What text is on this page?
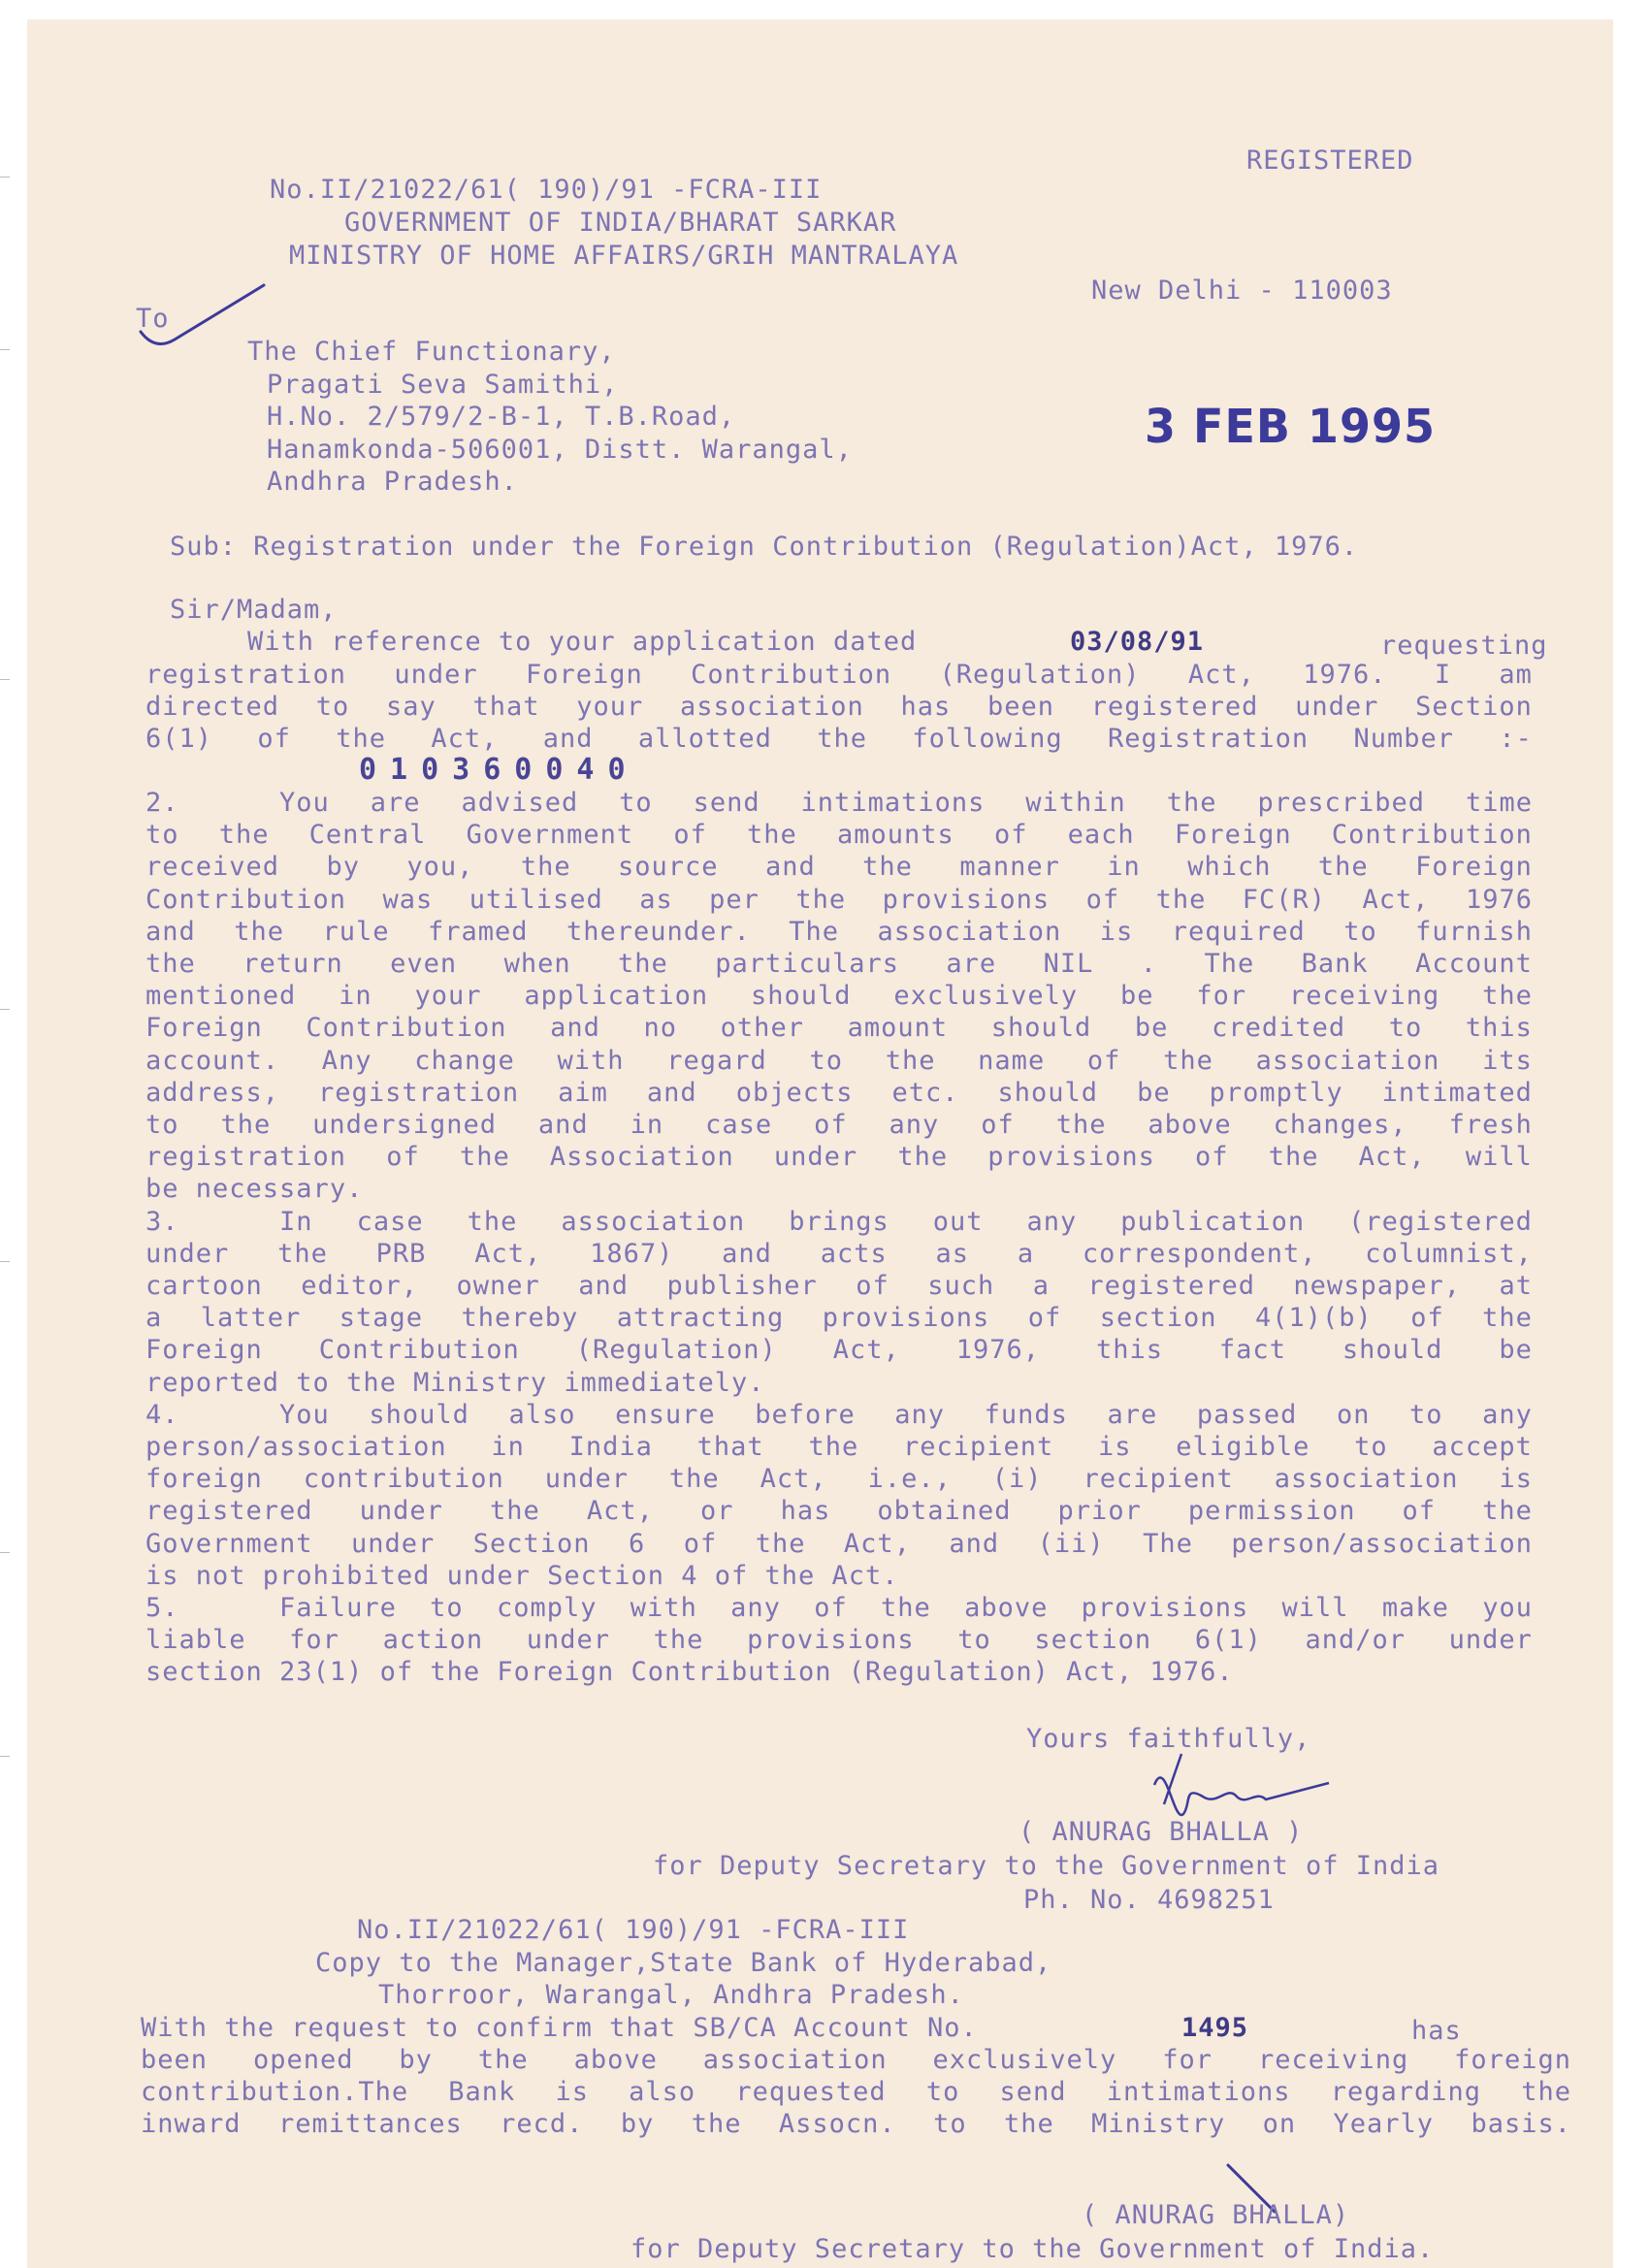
REGISTERED
No.II/21022/61( 190)/91 -FCRA-III
GOVERNMENT OF INDIA/BHARAT SARKAR
MINISTRY OF HOME AFFAIRS/GRIH MANTRALAYA
New Delhi - 110003
To
The Chief Functionary,
Pragati Seva Samithi,
H.No. 2/579/2-B-1, T.B.Road,
Hanamkonda-506001, Distt. Warangal,
Andhra Pradesh.
3 FEB 1995
Sub: Registration under the Foreign Contribution (Regulation)Act, 1976.
Sir/Madam,
With reference to your application dated	03/08/91	requesting
registration under Foreign Contribution (Regulation) Act, 1976. I am
directed to say that your association has been registered under Section
6(1) of the Act, and allotted the following Registration Number :-
010360040
2.      You are advised to send intimations within the prescribed time
to the Central Government of the amounts of each Foreign Contribution
received by you, the source and the manner in which the Foreign
Contribution was utilised as per the provisions of the FC(R) Act, 1976
and the rule framed thereunder. The association is required to furnish
the return even when the particulars are NIL . The Bank Account
mentioned in your application should exclusively be for receiving the
Foreign Contribution and no other amount should be credited to this
account. Any change with regard to the name of the association its
address, registration aim and objects etc. should be promptly intimated
to the undersigned and in case of any of the above changes, fresh
registration of the Association under the provisions of the Act, will
be necessary.
3.      In case the association brings out any publication (registered
under the PRB Act, 1867) and acts as a correspondent, columnist,
cartoon editor, owner and publisher of such a registered newspaper, at
a latter stage thereby attracting provisions of section 4(1)(b) of the
Foreign Contribution (Regulation) Act, 1976, this fact should be
reported to the Ministry immediately.
4.      You should also ensure before any funds are passed on to any
person/association in India that the recipient is eligible to accept
foreign contribution under the Act, i.e., (i) recipient association is
registered under the Act, or has obtained prior permission of the
Government under Section 6 of the Act, and (ii) The person/association
is not prohibited under Section 4 of the Act.
5.      Failure to comply with any of the above provisions will make you
liable for action under the provisions to section 6(1) and/or under
section 23(1) of the Foreign Contribution (Regulation) Act, 1976.
Yours faithfully,
( ANURAG BHALLA )
for Deputy Secretary to the Government of India
Ph. No. 4698251
No.II/21022/61( 190)/91 -FCRA-III
Copy to the Manager,State Bank of Hyderabad,
Thorroor, Warangal, Andhra Pradesh.
With the request to confirm that SB/CA Account No.	1495	has
been opened by the above association exclusively for receiving foreign
contribution.The Bank is also requested to send intimations regarding the
inward remittances recd. by the Assocn. to the Ministry on Yearly basis.
( ANURAG BHALLA)
for Deputy Secretary to the Government of India.
